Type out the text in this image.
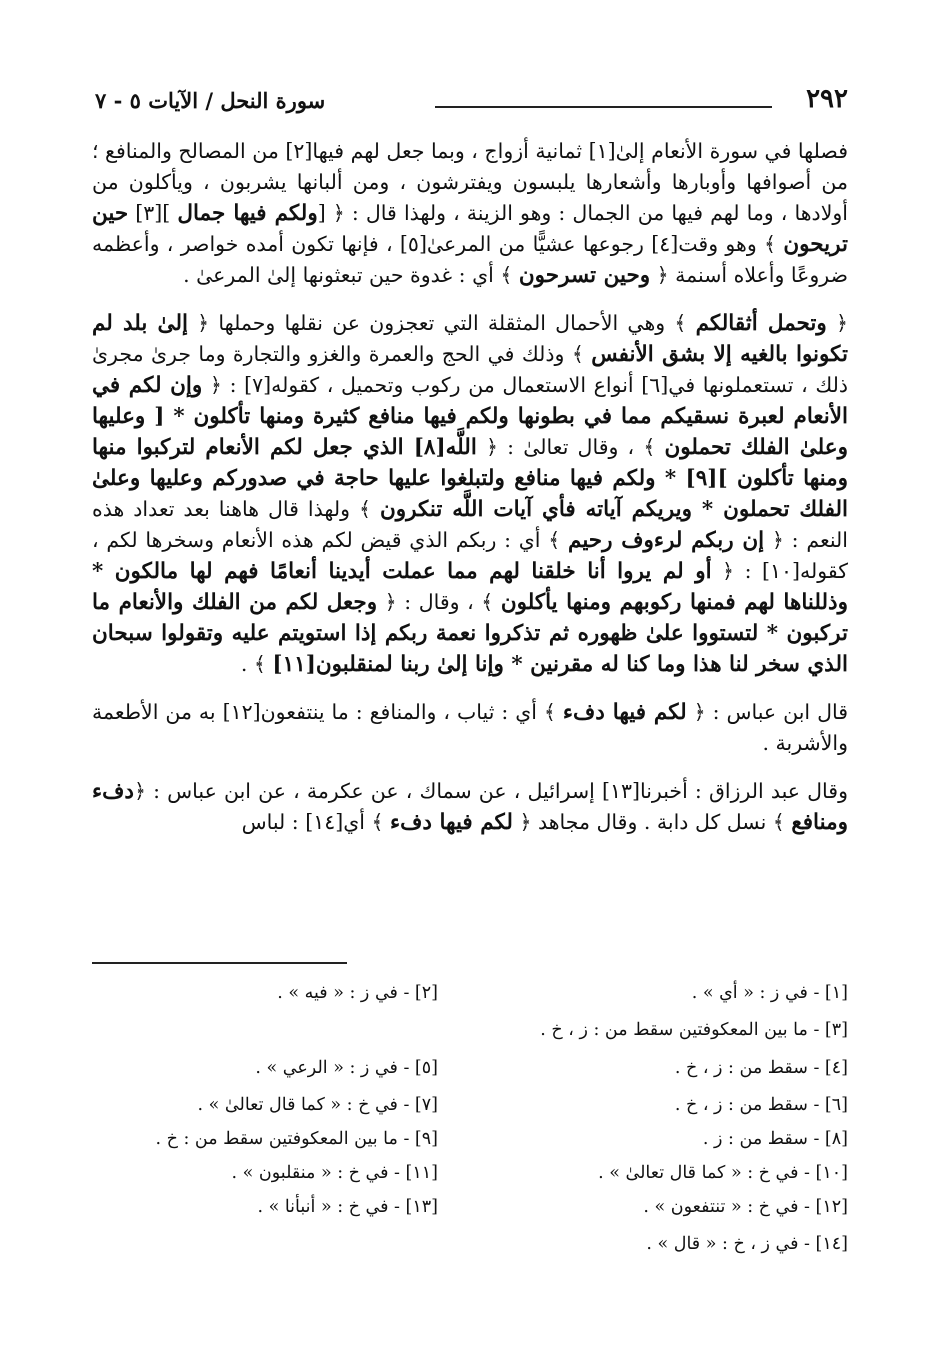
٢٩٢
سورة النحل / الآيات ٥ - ٧

فصلها في سورة الأنعام إلىٰ[١] ثمانية أزواج ، وبما جعل لهم فيها[٢] من المصالح والمنافع ؛ من أصوافها وأوبارها وأشعارها يلبسون ويفترشون ، ومن ألبانها يشربون ، ويأكلون من أولادها ، وما لهم فيها من الجمال : وهو الزينة ، ولهذا قال : ﴿ [ولكم فيها جمال ][٣] حين تريحون ﴾ وهو وقت[٤] رجوعها عشيًّا من المرعىٰ[٥] ، فإنها تكون أمده خواصر ، وأعظمه ضروعًا وأعلاه أسنمة ﴿ وحين تسرحون ﴾ أي : غدوة حين تبعثونها إلىٰ المرعىٰ .

﴿ وتحمل أثقالكم ﴾ وهي الأحمال المثقلة التي تعجزون عن نقلها وحملها ﴿ إلىٰ بلد لم تكونوا بالغيه إلا بشق الأنفس ﴾ وذلك في الحج والعمرة والغزو والتجارة وما جرىٰ مجرىٰ ذلك ، تستعملونها في[٦] أنواع الاستعمال من ركوب وتحميل ، كقوله[٧] : ﴿ وإن لكم في الأنعام لعبرة نسقيكم مما في بطونها ولكم فيها منافع كثيرة ومنها تأكلون * [ وعليها وعلىٰ الفلك تحملون ﴾ ، وقال تعالىٰ : ﴿ اللَّه[٨] الذي جعل لكم الأنعام لتركبوا منها ومنها تأكلون ][٩] * ولكم فيها منافع ولتبلغوا عليها حاجة في صدوركم وعليها وعلىٰ الفلك تحملون * ويريكم آياته فأي آيات اللَّه تنكرون ﴾ ولهذا قال هاهنا بعد تعداد هذه النعم : ﴿ إن ربكم لرءوف رحيم ﴾ أي : ربكم الذي قيض لكم هذه الأنعام وسخرها لكم ، كقوله[١٠] : ﴿ أو لم يروا أنا خلقنا لهم مما عملت أيدينا أنعامًا فهم لها مالكون * وذللناها لهم فمنها ركوبهم ومنها يأكلون ﴾ ، وقال : ﴿ وجعل لكم من الفلك والأنعام ما تركبون * لتستووا علىٰ ظهوره ثم تذكروا نعمة ربكم إذا استويتم عليه وتقولوا سبحان الذي سخر لنا هذا وما كنا له مقرنين * وإنا إلىٰ ربنا لمنقلبون[١١] ﴾ .

قال ابن عباس : ﴿ لكم فيها دفء ﴾ أي : ثياب ، والمنافع : ما ينتفعون[١٢] به من الأطعمة والأشربة .

وقال عبد الرزاق : أخبرنا[١٣] إسرائيل ، عن سماك ، عن عكرمة ، عن ابن عباس : ﴿دفء ومنافع ﴾ نسل كل دابة . وقال مجاهد ﴿ لكم فيها دفء ﴾ أي[١٤] : لباس

[١] - في ز : « أي » .
[٢] - في ز : « فيه » .
[٣] - ما بين المعكوفتين سقط من : ز ، خ .
[٤] - سقط من : ز ، خ .
[٥] - في ز : « الرعي » .
[٦] - سقط من : ز ، خ .
[٧] - في خ : « كما قال تعالىٰ » .
[٨] - سقط من : ز .
[٩] - ما بين المعكوفتين سقط من : خ .
[١٠] - في خ : « كما قال تعالىٰ » .
[١١] - في خ : « منقلبون » .
[١٢] - في خ : « تنتفعون » .
[١٣] - في خ : « أنبأنا » .
[١٤] - في ز ، خ : « قال » .
